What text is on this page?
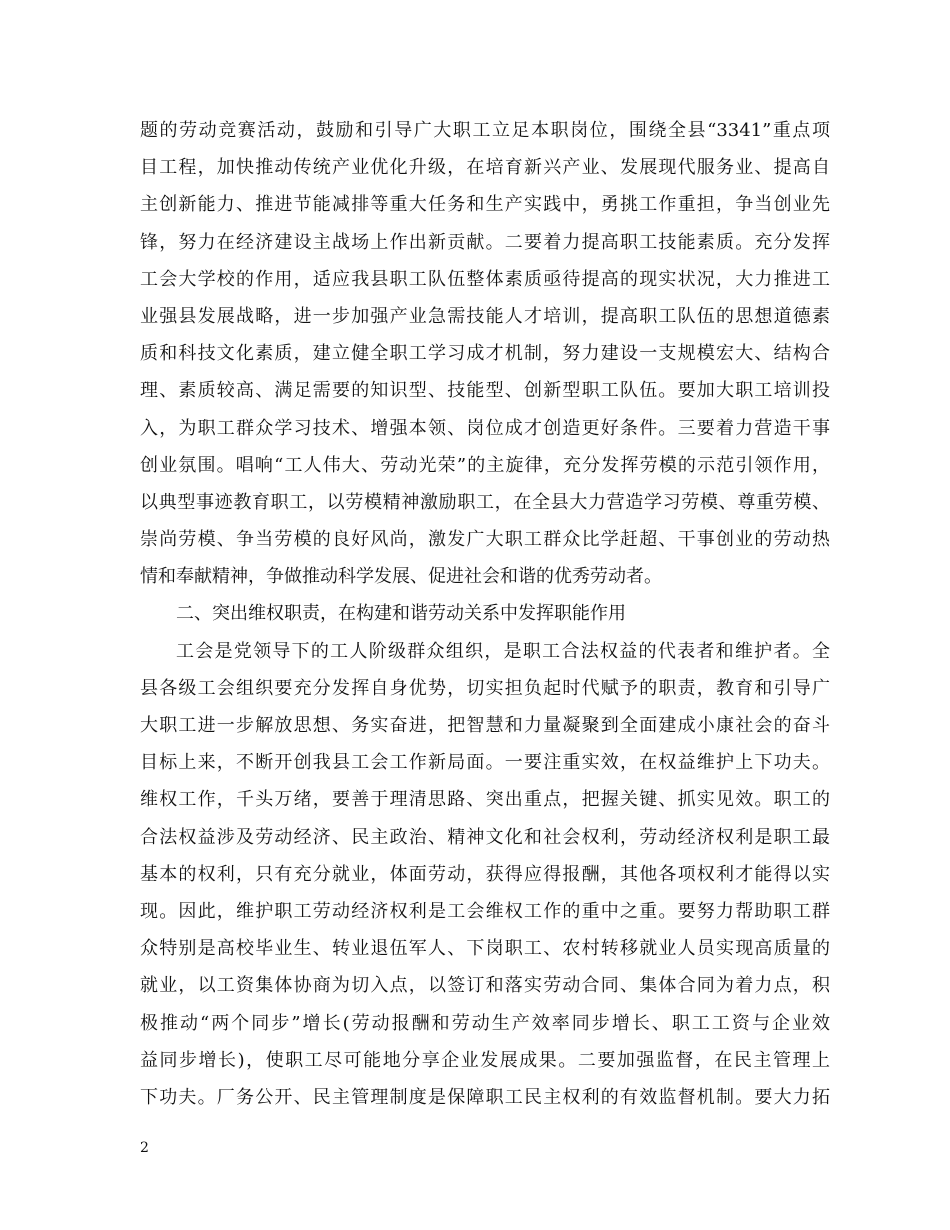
题的劳动竞赛活动，鼓励和引导广大职工立足本职岗位，围绕全县“3341”重点项
目工程，加快推动传统产业优化升级，在培育新兴产业、发展现代服务业、提高自
主创新能力、推进节能减排等重大任务和生产实践中，勇挑工作重担，争当创业先
锋，努力在经济建设主战场上作出新贡献。二要着力提高职工技能素质。充分发挥
工会大学校的作用，适应我县职工队伍整体素质亟待提高的现实状况，大力推进工
业强县发展战略，进一步加强产业急需技能人才培训，提高职工队伍的思想道德素
质和科技文化素质，建立健全职工学习成才机制，努力建设一支规模宏大、结构合
理、素质较高、满足需要的知识型、技能型、创新型职工队伍。要加大职工培训投
入，为职工群众学习技术、增强本领、岗位成才创造更好条件。三要着力营造干事
创业氛围。唱响“工人伟大、劳动光荣”的主旋律，充分发挥劳模的示范引领作用，
以典型事迹教育职工，以劳模精神激励职工，在全县大力营造学习劳模、尊重劳模、
崇尚劳模、争当劳模的良好风尚，激发广大职工群众比学赶超、干事创业的劳动热
情和奉献精神，争做推动科学发展、促进社会和谐的优秀劳动者。
二、突出维权职责，在构建和谐劳动关系中发挥职能作用
工会是党领导下的工人阶级群众组织，是职工合法权益的代表者和维护者。全
县各级工会组织要充分发挥自身优势，切实担负起时代赋予的职责，教育和引导广
大职工进一步解放思想、务实奋进，把智慧和力量凝聚到全面建成小康社会的奋斗
目标上来，不断开创我县工会工作新局面。一要注重实效，在权益维护上下功夫。
维权工作，千头万绪，要善于理清思路、突出重点，把握关键、抓实见效。职工的
合法权益涉及劳动经济、民主政治、精神文化和社会权利，劳动经济权利是职工最
基本的权利，只有充分就业，体面劳动，获得应得报酬，其他各项权利才能得以实
现。因此，维护职工劳动经济权利是工会维权工作的重中之重。要努力帮助职工群
众特别是高校毕业生、转业退伍军人、下岗职工、农村转移就业人员实现高质量的
就业，以工资集体协商为切入点，以签订和落实劳动合同、集体合同为着力点，积
极推动“两个同步”增长(劳动报酬和劳动生产效率同步增长、职工工资与企业效
益同步增长)，使职工尽可能地分享企业发展成果。二要加强监督，在民主管理上
下功夫。厂务公开、民主管理制度是保障职工民主权利的有效监督机制。要大力拓
2
